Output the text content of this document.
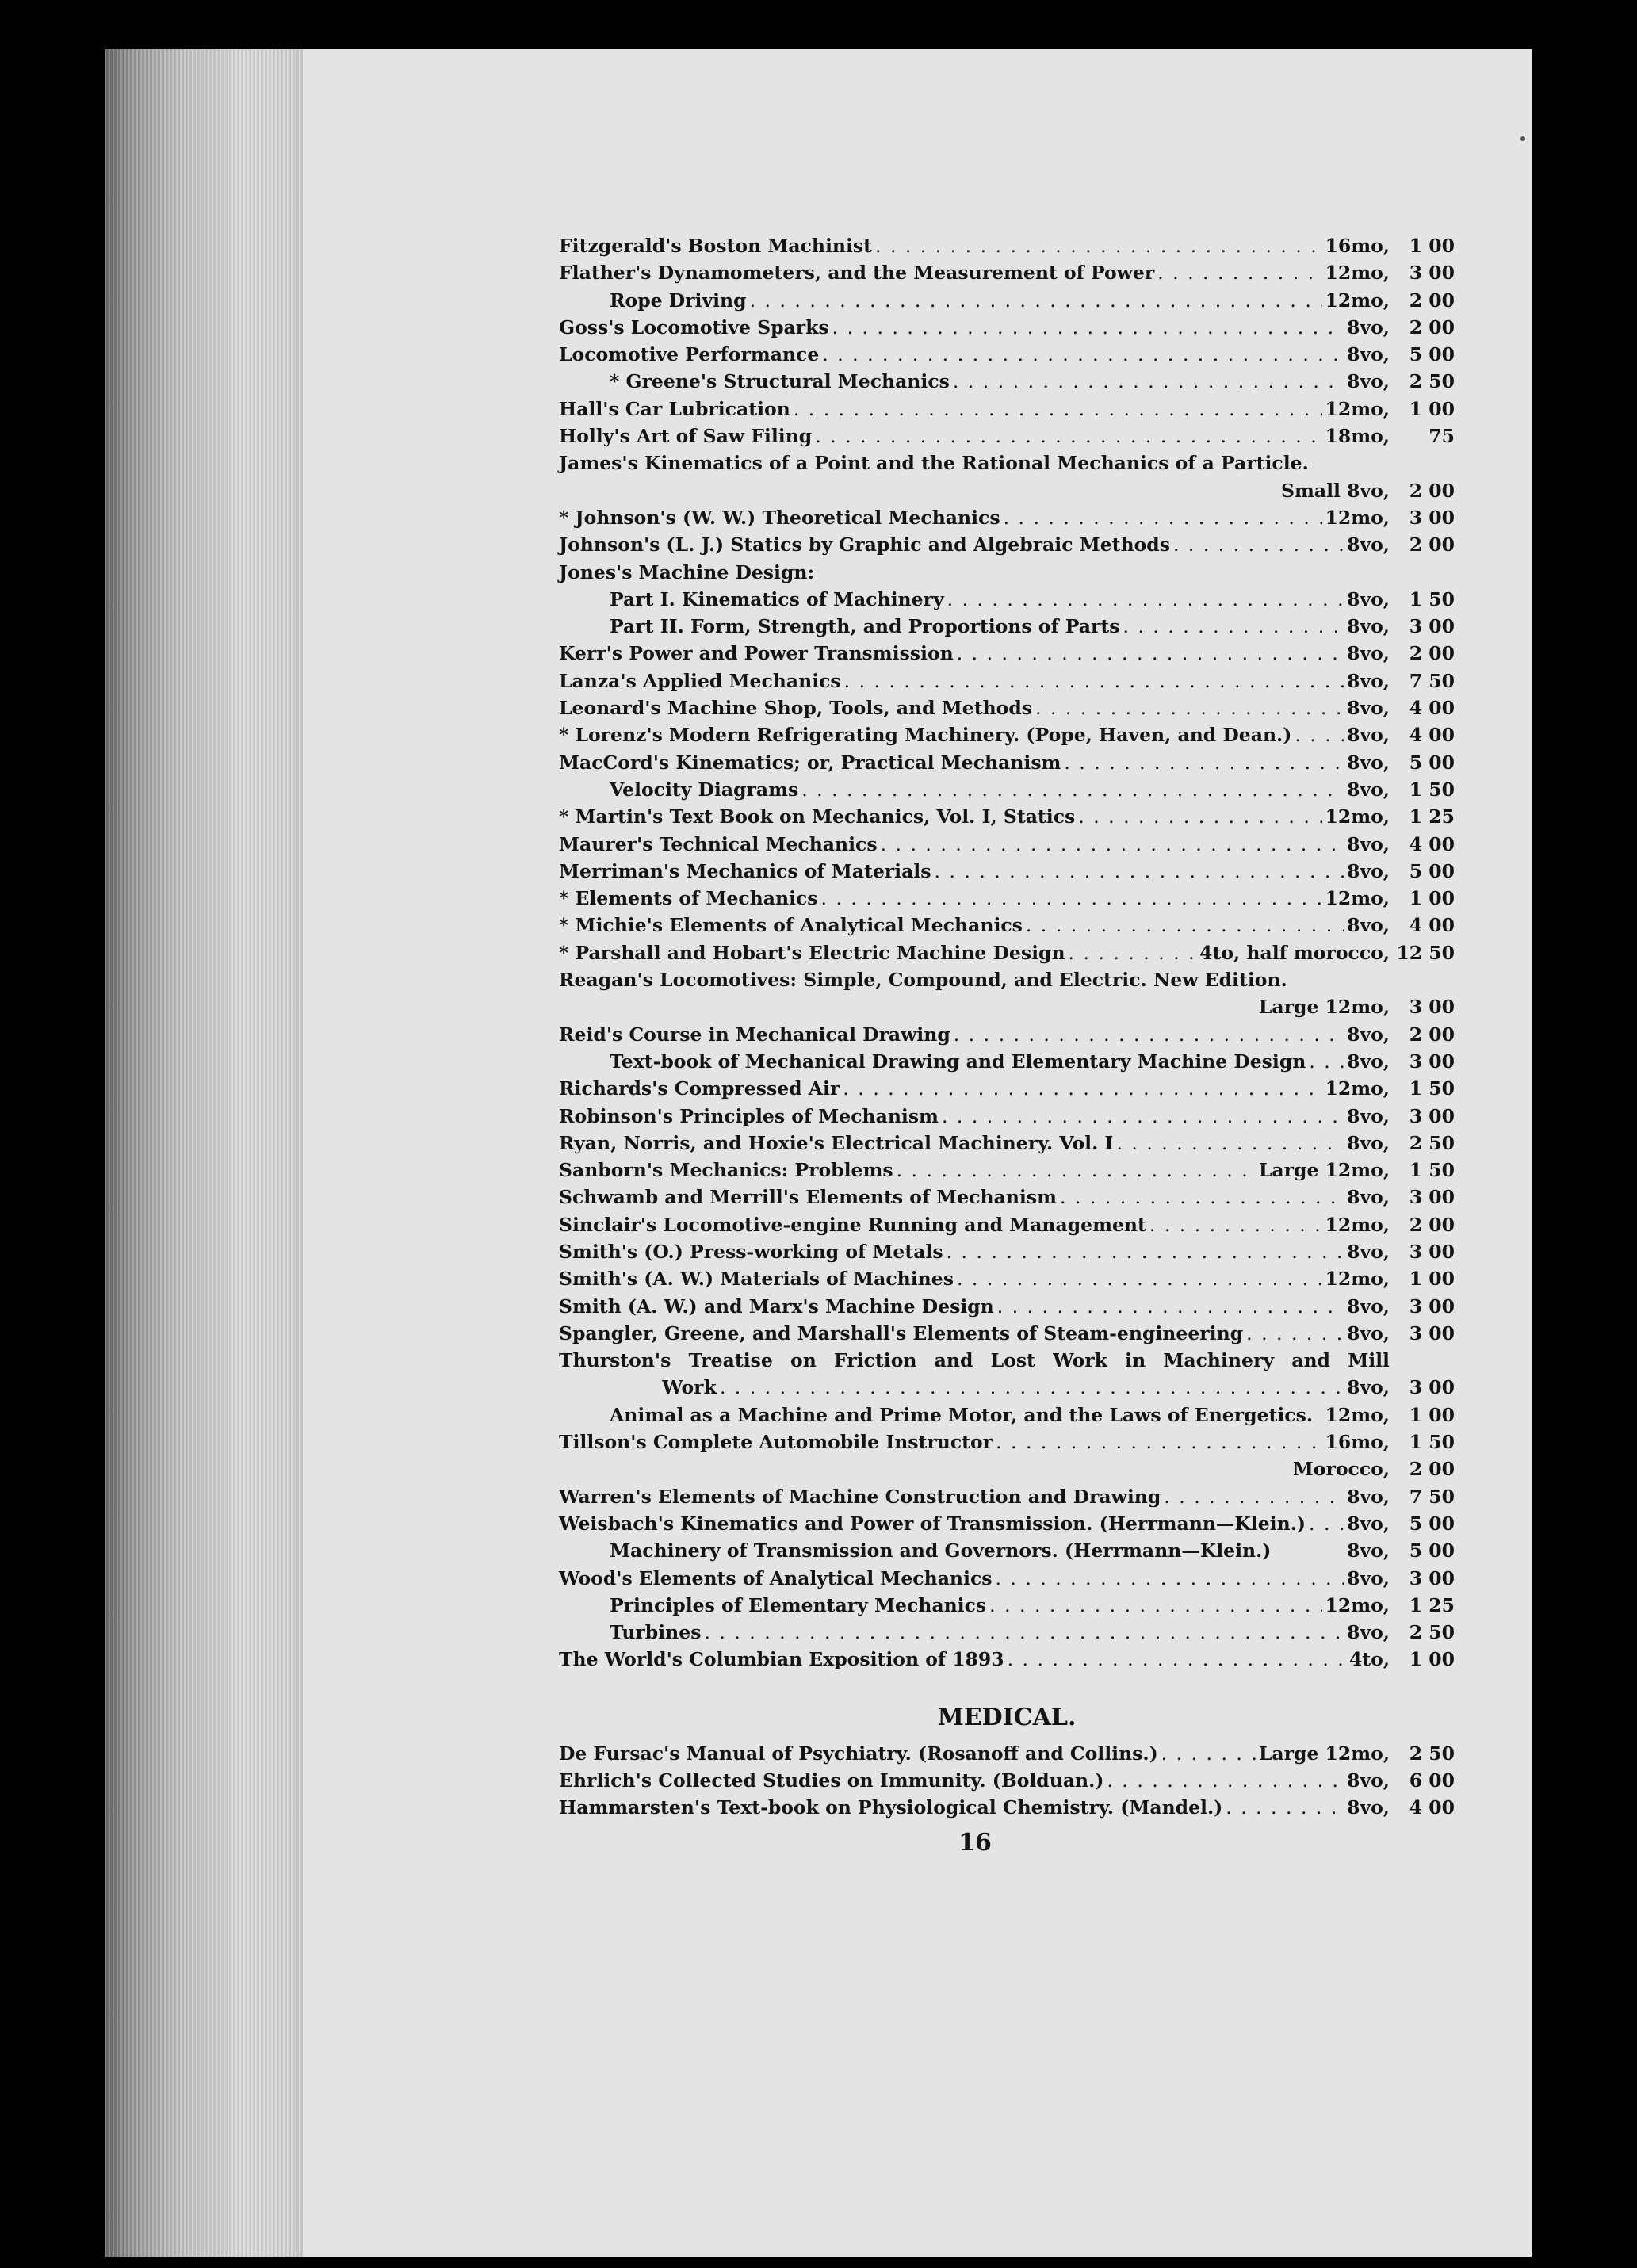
Fitzgerald's Boston Machinist . . .	16mo,	1 00
Flather's Dynamometers, and the Measurement of Power . . .	12mo,	3 00
Rope Driving . . .	12mo,	2 00
Goss's Locomotive Sparks . . .	8vo,	2 00
Locomotive Performance . . .	8vo,	5 00
* Greene's Structural Mechanics . . .	8vo,	2 50
Hall's Car Lubrication . . .	12mo,	1 00
Holly's Art of Saw Filing . . .	18mo,	75
James's Kinematics of a Point and the Rational Mechanics of a Particle.
Small 8vo,	2 00
* Johnson's (W. W.) Theoretical Mechanics . . .	12mo,	3 00
Johnson's (L. J.) Statics by Graphic and Algebraic Methods . . .	8vo,	2 00
Jones's Machine Design:
Part I. Kinematics of Machinery . . .	8vo,	1 50
Part II. Form, Strength, and Proportions of Parts . . .	8vo,	3 00
Kerr's Power and Power Transmission . . .	8vo,	2 00
Lanza's Applied Mechanics . . .	8vo,	7 50
Leonard's Machine Shop, Tools, and Methods . . .	8vo,	4 00
* Lorenz's Modern Refrigerating Machinery. (Pope, Haven, and Dean.) . . .	8vo,	4 00
MacCord's Kinematics; or, Practical Mechanism . . .	8vo,	5 00
Velocity Diagrams . . .	8vo,	1 50
* Martin's Text Book on Mechanics, Vol. I, Statics . . .	12mo,	1 25
Maurer's Technical Mechanics . . .	8vo,	4 00
Merriman's Mechanics of Materials . . .	8vo,	5 00
* Elements of Mechanics . . .	12mo,	1 00
* Michie's Elements of Analytical Mechanics . . .	8vo,	4 00
* Parshall and Hobart's Electric Machine Design . . .	4to, half morocco, 12 50
Reagan's Locomotives: Simple, Compound, and Electric. New Edition.
Large 12mo,	3 00
Reid's Course in Mechanical Drawing . . .	8vo,	2 00
Text-book of Mechanical Drawing and Elementary Machine Design . . . 8vo,	3 00
Richards's Compressed Air . . .	12mo,	1 50
Robinson's Principles of Mechanism . . .	8vo,	3 00
Ryan, Norris, and Hoxie's Electrical Machinery. Vol. I . . .	8vo,	2 50
Sanborn's Mechanics: Problems . . .	Large 12mo,	1 50
Schwamb and Merrill's Elements of Mechanism . . .	8vo,	3 00
Sinclair's Locomotive-engine Running and Management . . .	12mo,	2 00
Smith's (O.) Press-working of Metals . . .	8vo,	3 00
Smith's (A. W.) Materials of Machines . . .	12mo,	1 00
Smith (A. W.) and Marx's Machine Design . . .	8vo,	3 00
Spangler, Greene, and Marshall's Elements of Steam-engineering . . .	8vo,	3 00
Thurston's Treatise on Friction and Lost Work in Machinery and Mill
Work . . .	8vo,	3 00
Animal as a Machine and Prime Motor, and the Laws of Energetics. 12mo,	1 00
Tillson's Complete Automobile Instructor . . .	16mo,	1 50
Morocco,	2 00
Warren's Elements of Machine Construction and Drawing . . .	8vo,	7 50
Weisbach's Kinematics and Power of Transmission. (Herrmann—Klein.) . . . 8vo,	5 00
Machinery of Transmission and Governors. (Herrmann—Klein.)	8vo,	5 00
Wood's Elements of Analytical Mechanics . . .	8vo,	3 00
Principles of Elementary Mechanics . . .	12mo,	1 25
Turbines . . .	8vo,	2 50
The World's Columbian Exposition of 1893 . . .	4to,	1 00
MEDICAL.
De Fursac's Manual of Psychiatry. (Rosanoff and Collins.) . . .	Large 12mo,	2 50
Ehrlich's Collected Studies on Immunity. (Bolduan.) . . .	8vo,	6 00
Hammarsten's Text-book on Physiological Chemistry. (Mandel.) . . .	8vo,	4 00
16
